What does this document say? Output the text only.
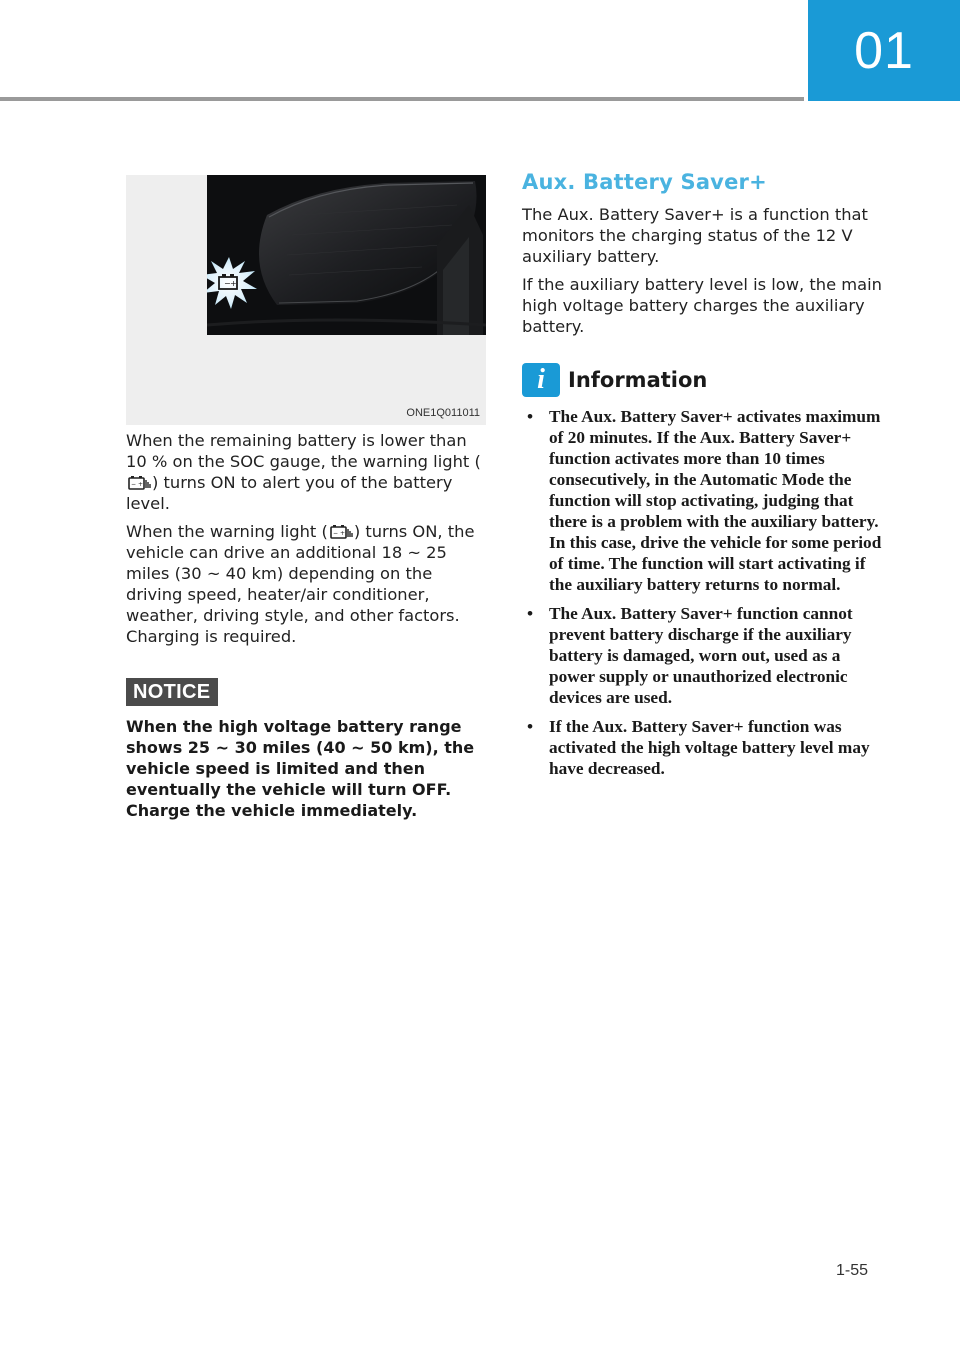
01
− +
ONE1Q011011

When the remaining battery is lower than 10 % on the SOC gauge, the warning light (
− + ) turns ON to alert you of the battery level.

When the warning light ( − + ) turns ON, the vehicle can drive an additional 18 ~ 25 miles (30 ~ 40 km) depending on the driving speed, heater/air conditioner, weather, driving style, and other factors. Charging is required.

NOTICE

When the high voltage battery range shows 25 ~ 30 miles (40 ~ 50 km), the vehicle speed is limited and then eventually the vehicle will turn OFF. Charge the vehicle immediately.

Aux. Battery Saver+

The Aux. Battery Saver+ is a function that monitors the charging status of the 12 V auxiliary battery.

If the auxiliary battery level is low, the main high voltage battery charges the auxiliary battery.

i	Information
• The Aux. Battery Saver+ activates maximum of 20 minutes. If the Aux. Battery Saver+ function activates more than 10 times consecutively, in the Automatic Mode the function will stop activating, judging that there is a problem with the auxiliary battery. In this case, drive the vehicle for some period of time. The function will start activating if the auxiliary battery returns to normal.
• The Aux. Battery Saver+ function cannot prevent battery discharge if the auxiliary battery is damaged, worn out, used as a power supply or unauthorized electronic devices are used.
• If the Aux. Battery Saver+ function was activated the high voltage battery level may have decreased.
1-55
